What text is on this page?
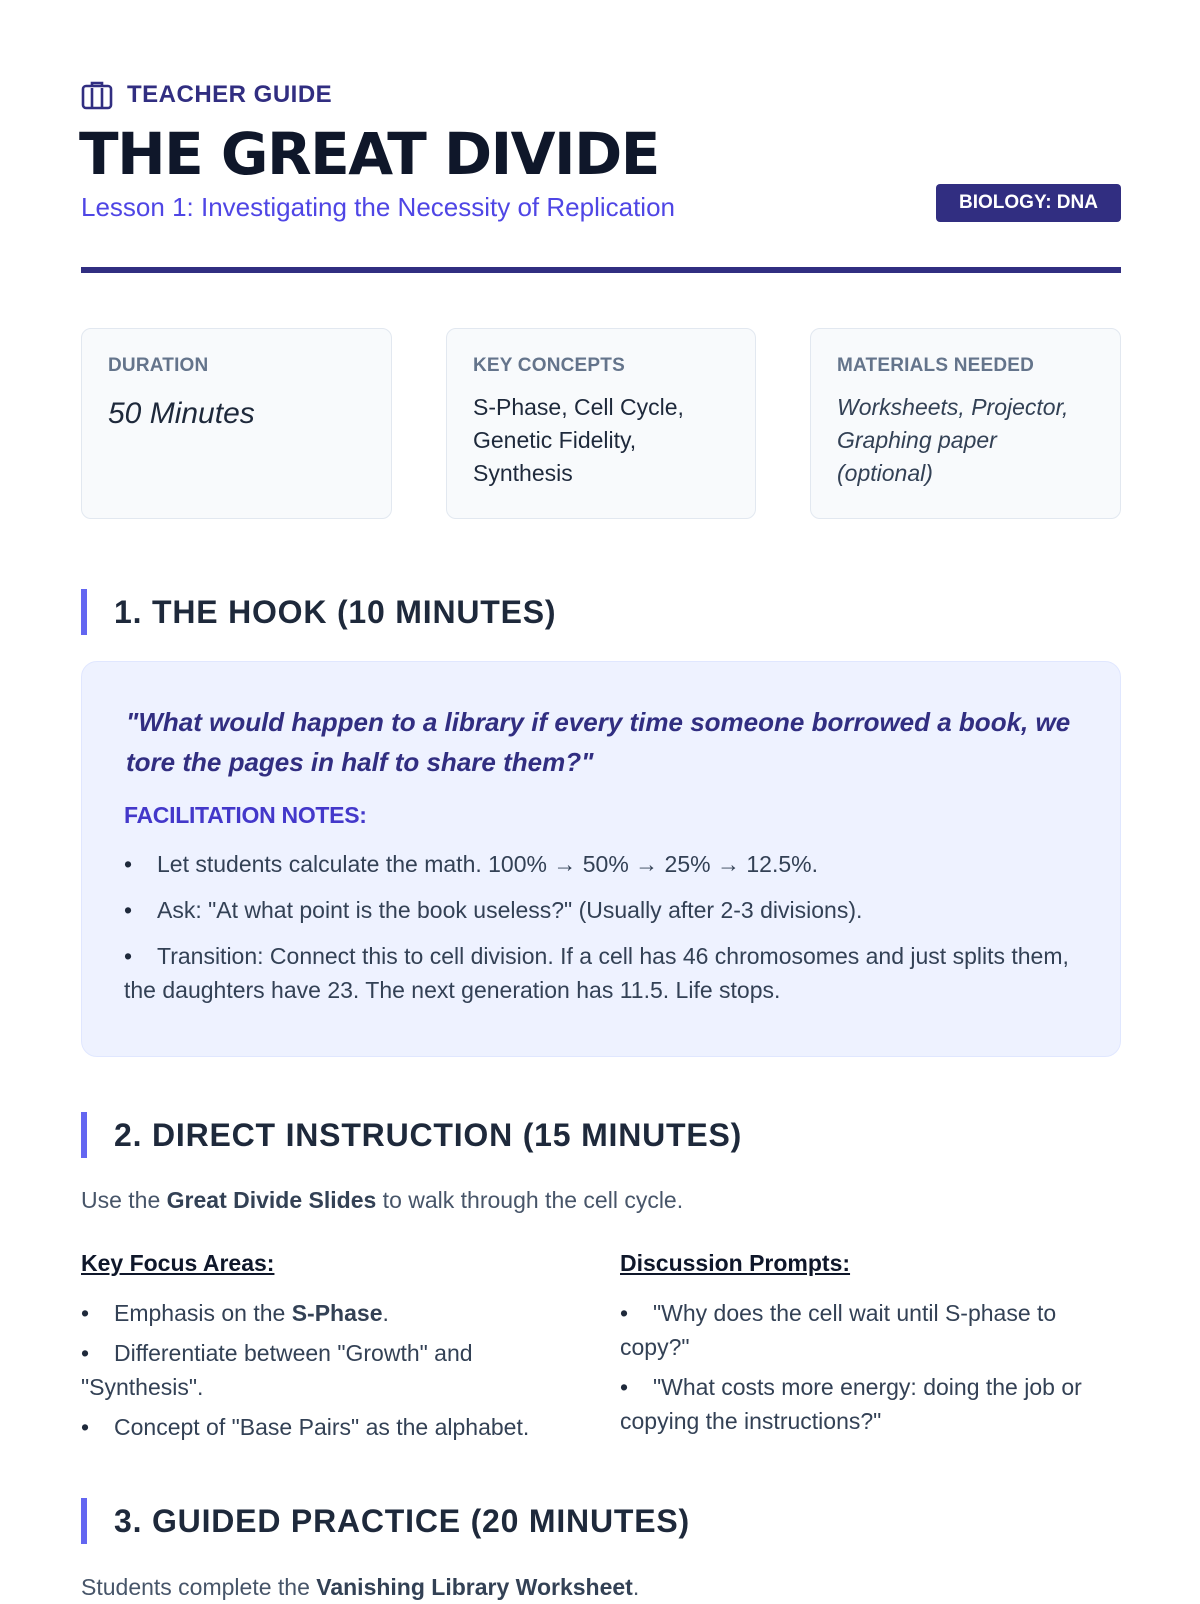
TEACHER GUIDE
THE GREAT DIVIDE
Lesson 1: Investigating the Necessity of Replication	BIOLOGY: DNA
DURATION
50 Minutes
KEY CONCEPTS
S-Phase, Cell Cycle, Genetic Fidelity, Synthesis
MATERIALS NEEDED
Worksheets, Projector, Graphing paper (optional)
1. THE HOOK (10 MINUTES)

"What would happen to a library if every time someone borrowed a book, we tore the pages in half to share them?"

FACILITATION NOTES:
• Let students calculate the math. 100% → 50% → 25% → 12.5%.
• Ask: "At what point is the book useless?" (Usually after 2-3 divisions).
• Transition: Connect this to cell division. If a cell has 46 chromosomes and just splits them, the daughters have 23. The next generation has 11.5. Life stops.
2. DIRECT INSTRUCTION (15 MINUTES)
Use the Great Divide Slides to walk through the cell cycle.
Key Focus Areas:
• Emphasis on the S-Phase.
• Differentiate between "Growth" and "Synthesis".
• Concept of "Base Pairs" as the alphabet.
Discussion Prompts:
• "Why does the cell wait until S-phase to copy?"
• "What costs more energy: doing the job or copying the instructions?"
3. GUIDED PRACTICE (20 MINUTES)
Students complete the Vanishing Library Worksheet.
